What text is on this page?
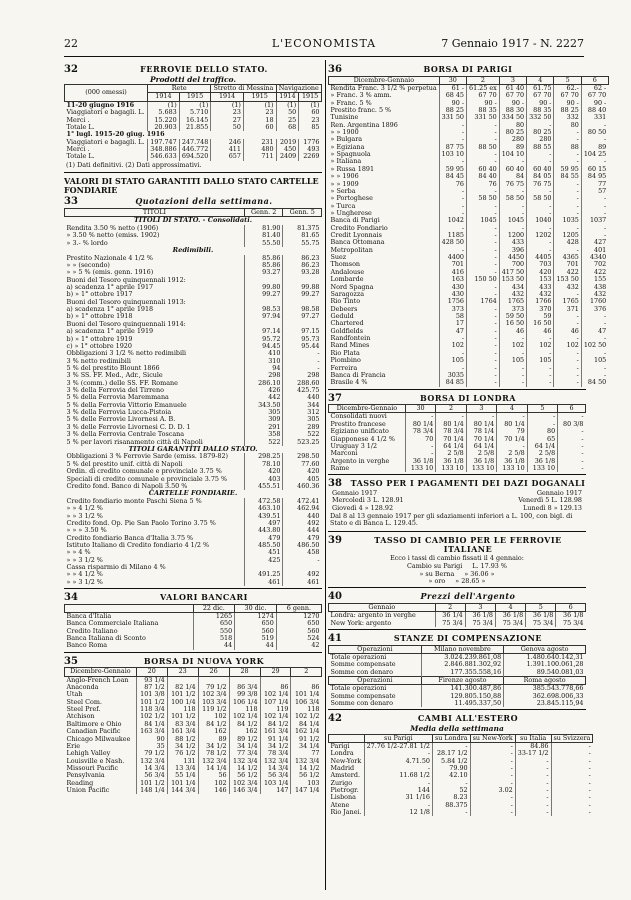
22	L'ECONOMISTA	7 Gennaio 1917 - N. 2227
32	FERROVIE DELLO STATO.
Prodotti del traffico.
(000 omessi)	Rete		Stretto di Messina		Navigazione	
	1914	1915	1914	1915	1914	1915
11-20 giugno 1916	(1)	(1)	(1)	(1)	(1)	(1)
Viaggiatori e bagagli. L.	5.683	5.710	23	23	50	60
Merci .	15.220	16.145	27	18	25	23
Totale L.	20.903	21.855	50	60	68	85
1° lugl. 1915-20 giug. 1916						
Viaggiatori e bagagli. L.	197.747	247.748	246	231	2019	1776
Merci .	348.886	446.772	411	480	450	493
Totale L.	546.633	694.520	657	711	2409	2269
(1) Dati definitivi. (2) Dati approssimativi.
VALORI DI STATO GARANTITI DALLO STATO CARTELLE FONDIARIE
33	Quotazioni della settimana.
TITOLI	Genn. 2	Genn. 5
TITOLI DI STATO. - Consolidati.		
Rendita 3.50 % netto (1906)	81.90	81.375
» 3.50 % netto (emiss. 1902)	81.40	81.65
» 3.- % lordo	55.50	55.75
Redimibili.		
Prestito Nazionale 4 1/2 %	85.86	86.23
» » (secondo)	85.86	86.23
» » 5 % (emis. genn. 1916)	93.27	93.28
Buoni del Tesoro quinquennali 1912:		
a) scadenza 1° aprile 1917	99.80	99.88
b) » 1° ottobre 1917	99.27	99.27
Buoni del Tesoro quinquennali 1913:		
a) scadenza 1° aprile 1918	98.53	98.58
b) » 1° ottobre 1918	97.94	97.27
Buoni del Tesoro quinquennali 1914:		
a) scadenza 1° aprile 1919	97.14	97.15
b) » 1° ottobre 1919	95.72	95.73
c) » 1° ottobre 1920	94.45	95.44
Obbligazioni 3 1/2 % netto redimibili	410	-
3 % netto redimibili	310	-
5 % del prestito Blount 1866	94	-
3 % SS. FF. Med., Adr., Sicule	298	298
3 % (comm.) delle SS. FF. Romane	286.10	288.60
3 % della Ferrovia del Tirreno	426	425.75
5 % della Ferrovia Maremmana	442	440
5 % della Ferrovia Vittorio Emanuele	343.50	344
3 % della Ferrovia Lucca-Pistoia	305	312
5 % delle Ferrovie Livornesi A. B.	309	305
3 % delle Ferrovie Livornesi C. D. D. 1	291	289
3 % della Ferrovia Centrale Toscana	358	522
5 % per lavori risanamento città di Napoli	522	523.25
TITOLI GARANTITI DALLO STATO.		
Obbligazioni 3 % Ferrovie Sarde (emiss. 1879-82)	298.25	298.50
5 % del prestito unif. città di Napoli	78.10	77.60
Ordin. di credito comunale e provinciale 3.75 %	420	420
Speciali di credito comunale e provinciale 3.75 %	403	405
Credito fond. Banco di Napoli 3.50 %	455.51	460.36
CARTELLE FONDIARIE.		
Credito fondiario monte Paschi Siena 5 %	472.58	472.41
» » 4 1/2 %	463.10	462.94
» » 3 1/2 %	439.51	440
Credito fond. Op. Pie San Paolo Torino 3.75 %	497	492
» » » 3.50 %	443.80	444
Credito fondiario Banca d'Italia 3.75 %	479	479
Istituto Italiano di Credito fondiario 4 1/2 %	485.50	486.50
» » 4 %	451	458
» » 3 1/2 %	425	-
Cassa risparmio di Milano 4 %		
» » 4 1/2 %	491.25	492
» » 3 1/2 %	461	461
34	VALORI BANCARI
	22 dic.	30 dic.	6 genn.
Banca d'Italia	1265	1274	1270
Banca Commerciale Italiana	650	650	650
Credito Italiano	550	560	560
Banca Italiana di Sconto	518	519	524
Banco Roma	44	44	42
35	BORSA DI NUOVA YORK
Dicembre-Gennaio	20	23	26	28	29	2
Anglo-French Loan	93 1/4					
Anaconda	87 1/2	82 1/4	79 1/2	86 3/4	86	86
Utah	101 3/8	101 1/2	102 3/4	99 3/8	102 1/4	101 1/4
Steel Com.	101 1/2	100 1/4	103 3/4	106 1/4	107 1/4	106 3/4
Steel Pref.	118 3/4	118	119 1/2	118	119	118
Atchison	102 1/2	101 1/2	102	102 1/4	102 1/4	102 1/2
Baltimore e Ohio	84 1/4	83 3/4	84 1/2	84 1/2	84 1/2	84 1/4
Canadian Pacific	163 3/4	161 3/4	162	162	161 3/4	162 1/4
Chicago Milwaukee	90	88 1/2	89	89 1/2	91 1/4	91 1/2
Erie	35	34 1/2	34 1/2	34 1/4	34 1/2	34 1/4
Lehigh Valley	79 1/2	76 1/2	78 1/2	77 3/4	78 3/4	77
Louisville e Nash.	132 3/4	131	132 3/4	132 3/4	132 3/4	132 3/4
Missouri Pacific	14 3/4	13 3/4	14 1/4	14 1/2	14 3/4	14 1/2
Pensylvania	56 3/4	55 1/4	56	56 1/2	56 3/4	56 1/2
Reading	101 1/2	101 1/4	102	102 3/4	103 1/4	103
Union Pacific	148 1/4	144 3/4	146	146 3/4	147	147 1/4
36	BORSA DI PARIGI
Dicembre-Gennaio	30	2	3	4	5	6
Rendita Franc. 3 1/2 % perpetua	61 -	61.25 ex	61 40	61.75	62.-	62 -
» Franc. 3 % amm.	68 45	67 70	67 70	67 70	67 70	67 70
» Franc. 5 %	90 -	90 -	90 -	90 -	90 -	90 -
Prestito franc. 5 %	88 25	88 35	88 30	88 35	88 25	88 40
Tunisine	331 50	331 50	334 50	332 50	332	331
Ren. Argentina 1896	-	-	80	-	80	-
» » 1900	-	-	80 25	80 25	-	80 50
» Bulgara	-	-	280	280	-	-
» Egiziana	87 75	88 50	89	88 55	88	89
» Spagnuola	103 10	-	104 10	-	-	104 25
» Italiana	-	-	-	-	-	-
» Russa 1891	59 95	60 40	60 40	60 40	59 95	60 15
» » 1906	84 45	84 40	84	84 05	84 55	84 95
» » 1909	76	76	76 75	76 75	-	77
» Serba	-	-	-	-	-	57
» Portoghese	-	58 50	58 50	58 50	-	-
» Turca	-	-	-	-	-	-
» Ungherese	-	-	-	-	-	-
Banca di Parigi	1042	1045	1045	1040	1035	1037
Credito Fondiario	-	-	-	-	-	-
Credit Lyonnais	1185	-	1200	1202	1205	-
Banca Ottomana	428 50	-	433	-	428	427
Metropolitan	-	-	396	-	-	401
Suez	4400	-	4450	4405	4365	4340
Thomson	701	-	700	703	701	702
Andalouse	416	-	417 50	420	422	422
Lombarde	163	150 50	153 50	153	153 50	155
Nord Spagna	430	-	434	433	432	438
Saragozza	430	-	432	432	-	432
Rio Tinto	1756	1764	1765	1766	1765	1760
Debeers	373	-	373	370	371	376
Geduld	58	-	59 50	59	-	-
Chartered	17	-	16 50	16 50	-	-
Goldfields	47	-	46	46	46	47
Randfontein	-	-	-	-	-	-
Rand Mines	102	-	102	102	102	102 50
Rio Plata	-	-	-	-	-	-
Piombino	105	-	105	105	-	105
Ferreira	-	-	-	-	-	-
Banca di Francia	3035	-	-	-	-	-
Brasile 4 %	84 85	-	-	-	-	84 50
37	BORSA DI LONDRA
Dicembre-Gennaio	30	2	3	4	5	6
Consolidati nuovi	-	-	-	-	-	-
Prestito francese	80 1/4	80 1/4	80 1/4	80 1/4	-	80 3/8
Egiziano unificato	78 3/4	78 3/4	78 1/4	79	80	-
Giapponese 4 1/2 %	70	70 1/4	70 1/4	70 1/4	65	-
Uruguay 3 1/2	-	64 1/4	64 1/4	-	64 1/4	-
Marconi	-	2 5/8	2 5/8	2 5/8	2 5/8	-
Argento in verghe	36 1/8	36 1/8	36 1/8	36 1/8	36 1/8	-
Rame	133 10	133 10	133 10	133 10	133 10	-
38 TASSO PER I PAGAMENTI DEI DAZI DOGANALI
Gennaio 1917	Gennaio 1917
Mercoledì 3 L. 128.91	Venerdì 5 L. 128.98
Giovedì 4 » 128.92	Lunedì 8 » 129.13
Dal 8 al 13 gennaio 1917 per gli sdaziamenti inferiori a L. 100, con bigl. di Stato e di Banca L. 129.45.
39	TASSO DI CAMBIO PER LE FERROVIE ITALIANE
Ecco i tassi di cambio fissati il 4 gennaio:
Cambio su Parigi L. 17.93 %
» su Berna » 36.06 »
» oro » 28.65 »
40	Prezzi dell'Argento
Gennaio	2	3	4	5	6
Londra: argento in verghe	36 1/4	36 1/8	36 1/8	36 1/8	36 1/8
New York: argento	75 3/4	75 3/4	75 3/4	75 3/4	75 3/4
41	STANZE DI COMPENSAZIONE
Operazioni	Milano novembre	Genova agosto
Totale operazioni	3.024.239.861,08	1.480.640.142,31
Somme compensate	2.846.881.302,92	1.391.100.061,28
Somme con denaro	177.355.558,16	89.540.081,03
Operazioni	Firenze agosto	Roma agosto
Totale operazioni	141.300.487,86	385.543.778,66
Somme compensate	129.805.150,88	362.698.006,33
Somme con denaro	11.495.337,50	23.845.115,94
42	CAMBI ALL'ESTERO
Media della settimana
	su Parigi	su Londra	su New-York	su Italia	su Svizzera
Parigi	27.76 1/2-27.81 1/2	-	-	84.86	-
Londra	-	28.17 1/2	-	33-17 1/2	-
New-York	4.71.50	5.84 1/2	-	-	-
Madrid	-	79.90	-	-	-
Amsterd.	11.68 1/2	42.10	-	-	-
Zurigo	-	-	-	-	-
Pietrogr.	144	52	3.02	-	-
Lisbona	31 1/16	8.23	-	-	-
Atene	-	88.375	-	-	-
Rio Janei.	12 1/8	-	-	-	-
